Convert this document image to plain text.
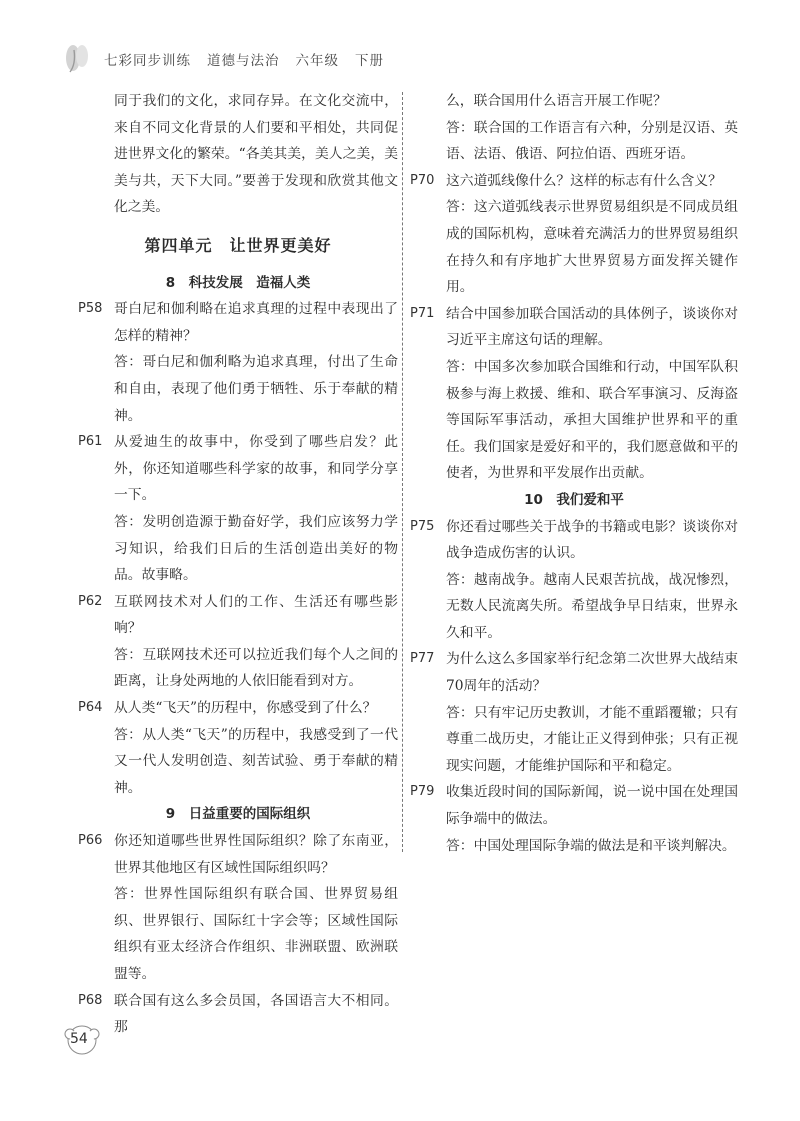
七彩同步训练 道德与法治 六年级 下册
同于我们的文化，求同存异。在文化交流中，来自不同文化背景的人们要和平相处，共同促进世界文化的繁荣。“各美其美，美人之美，美美与共，天下大同。”要善于发现和欣赏其他文化之美。
第四单元　让世界更美好
8　科技发展　造福人类
P58 哥白尼和伽利略在追求真理的过程中表现出了怎样的精神？
答：哥白尼和伽利略为追求真理，付出了生命和自由，表现了他们勇于牺牲、乐于奉献的精神。
P61 从爱迪生的故事中，你受到了哪些启发？此外，你还知道哪些科学家的故事，和同学分享一下。
答：发明创造源于勤奋好学，我们应该努力学习知识，给我们日后的生活创造出美好的物品。故事略。
P62 互联网技术对人们的工作、生活还有哪些影响？
答：互联网技术还可以拉近我们每个人之间的距离，让身处两地的人依旧能看到对方。
P64 从人类“飞天”的历程中，你感受到了什么？
答：从人类“飞天”的历程中，我感受到了一代又一代人发明创造、刻苦试验、勇于奉献的精神。
9　日益重要的国际组织
P66 你还知道哪些世界性国际组织？除了东南亚，世界其他地区有区域性国际组织吗？
答：世界性国际组织有联合国、世界贸易组织、世界银行、国际红十字会等；区域性国际组织有亚太经济合作组织、非洲联盟、欧洲联盟等。
P68 联合国有这么多会员国，各国语言大不相同。那
么，联合国用什么语言开展工作呢？
答：联合国的工作语言有六种，分别是汉语、英语、法语、俄语、阿拉伯语、西班牙语。
P70 这六道弧线像什么？这样的标志有什么含义？
答：这六道弧线表示世界贸易组织是不同成员组成的国际机构，意味着充满活力的世界贸易组织在持久和有序地扩大世界贸易方面发挥关键作用。
P71 结合中国参加联合国活动的具体例子，谈谈你对习近平主席这句话的理解。
答：中国多次参加联合国维和行动，中国军队积极参与海上救援、维和、联合军事演习、反海盗等国际军事活动，承担大国维护世界和平的重任。我们国家是爱好和平的，我们愿意做和平的使者，为世界和平发展作出贡献。
10　我们爱和平
P75 你还看过哪些关于战争的书籍或电影？谈谈你对战争造成伤害的认识。
答：越南战争。越南人民艰苦抗战，战况惨烈，无数人民流离失所。希望战争早日结束，世界永久和平。
P77 为什么这么多国家举行纪念第二次世界大战结束70周年的活动？
答：只有牢记历史教训，才能不重蹈覆辙；只有尊重二战历史，才能让正义得到伸张；只有正视现实问题，才能维护国际和平和稳定。
P79 收集近段时间的国际新闻，说一说中国在处理国际争端中的做法。
答：中国处理国际争端的做法是和平谈判解决。
54
